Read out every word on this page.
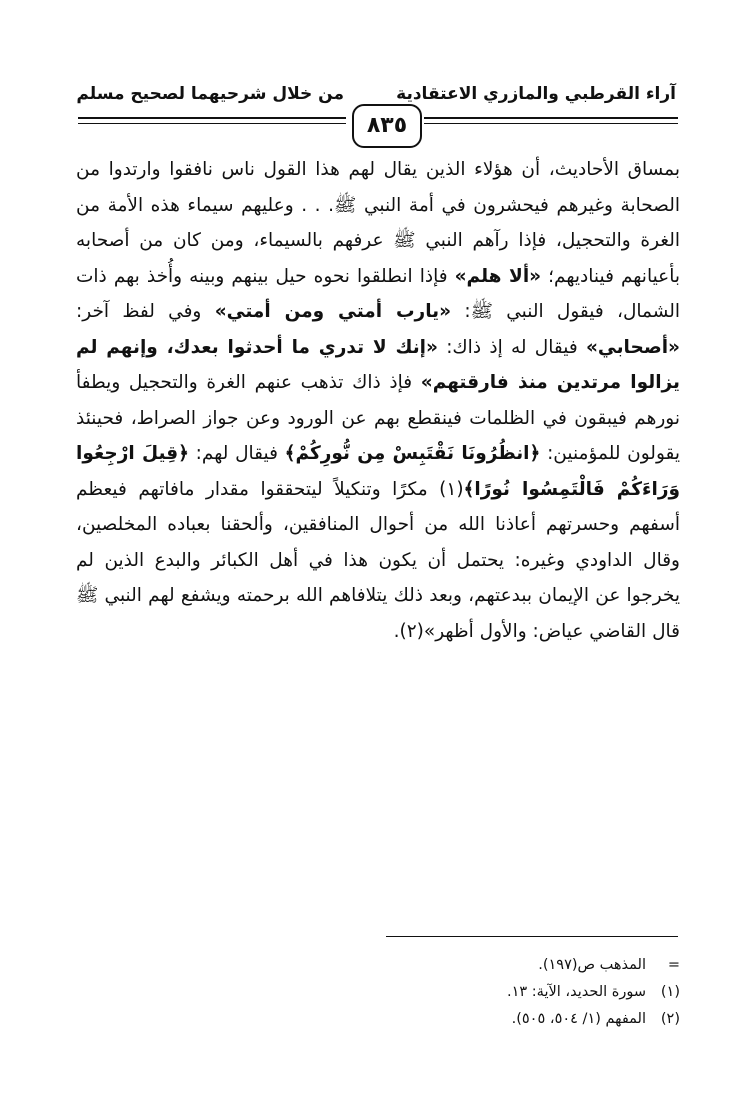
من خلال شرحيهما لصحيح مسلم	آراء القرطبي والمازري الاعتقادية
٨٣٥

بمساق الأحاديث، أن هؤلاء الذين يقال لهم هذا القول ناس نافقوا وارتدوا من الصحابة وغيرهم فيحشرون في أمة النبي ﷺ. . . وعليهم سيماء هذه الأمة من الغرة والتحجيل، فإذا رآهم النبي ﷺ عرفهم بالسيماء، ومن كان من أصحابه بأعيانهم فيناديهم؛ «ألا هلم» فإذا انطلقوا نحوه حيل بينهم وبينه وأُخذ بهم ذات الشمال، فيقول النبي ﷺ: «يارب أمتي ومن أمتي» وفي لفظ آخر: «أصحابي» فيقال له إذ ذاك: «إنك لا تدري ما أحدثوا بعدك، وإنهم لم يزالوا مرتدين منذ فارقتهم» فإذ ذاك تذهب عنهم الغرة والتحجيل ويطفأ نورهم فيبقون في الظلمات فينقطع بهم عن الورود وعن جواز الصراط، فحينئذ يقولون للمؤمنين: ﴿انظُرُونَا نَقْتَبِسْ مِن نُّورِكُمْ﴾ فيقال لهم: ﴿قِيلَ ارْجِعُوا وَرَاءَكُمْ فَالْتَمِسُوا نُورًا﴾(١) مكرًا وتنكيلاً ليتحققوا مقدار مافاتهم فيعظم أسفهم وحسرتهم أعاذنا الله من أحوال المنافقين، وألحقنا بعباده المخلصين، وقال الداودي وغيره: يحتمل أن يكون هذا في أهل الكبائر والبدع الذين لم يخرجوا عن الإيمان ببدعتهم، وبعد ذلك يتلافاهم الله برحمته ويشفع لهم النبي ﷺ قال القاضي عياض: والأول أظهر»(٢).

=المذهب ص(١٩٧).
(١)سورة الحديد، الآية: ١٣.
(٢)المفهم (١/ ٥٠٤، ٥٠٥).
